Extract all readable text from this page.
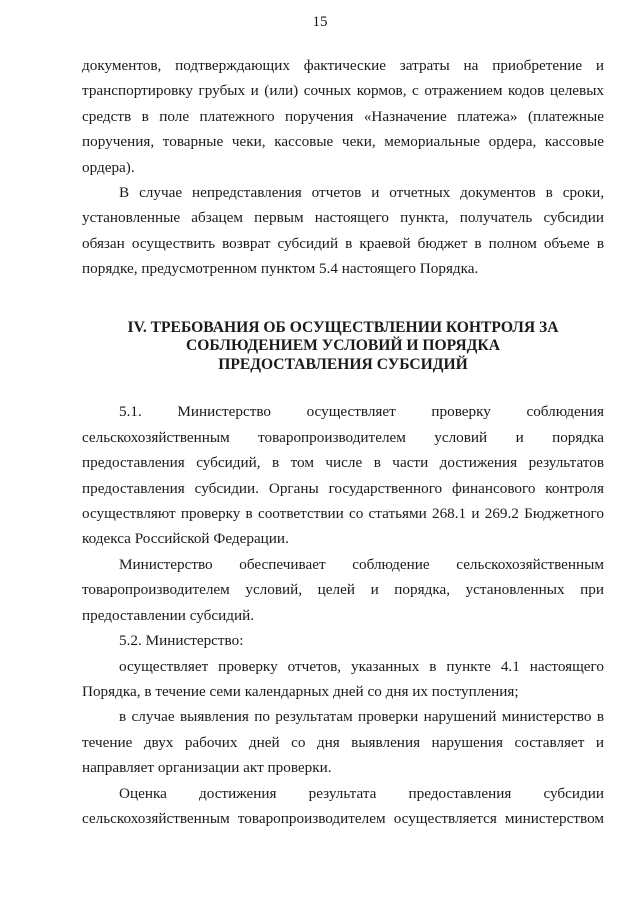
15

документов, подтверждающих фактические затраты на приобретение и транспортировку грубых и (или) сочных кормов, с отражением кодов целевых средств в поле платежного поручения «Назначение платежа» (платежные поручения, товарные чеки, кассовые чеки, мемориальные ордера, кассовые ордера).

В случае непредставления отчетов и отчетных документов в сроки, установленные абзацем первым настоящего пункта, получатель субсидии обязан осуществить возврат субсидий в краевой бюджет в полном объеме в порядке, предусмотренном пунктом 5.4 настоящего Порядка.

IV. ТРЕБОВАНИЯ ОБ ОСУЩЕСТВЛЕНИИ КОНТРОЛЯ ЗА
СОБЛЮДЕНИЕМ УСЛОВИЙ И ПОРЯДКА
ПРЕДОСТАВЛЕНИЯ СУБСИДИЙ

5.1. Министерство осуществляет проверку соблюдения сельскохозяйственным товаропроизводителем условий и порядка предоставления субсидий, в том числе в части достижения результатов предоставления субсидии. Органы государственного финансового контроля осуществляют проверку в соответствии со статьями 268.1 и 269.2 Бюджетного кодекса Российской Федерации.

Министерство обеспечивает соблюдение сельскохозяйственным товаропроизводителем условий, целей и порядка, установленных при предоставлении субсидий.

5.2. Министерство:

осуществляет проверку отчетов, указанных в пункте 4.1 настоящего Порядка, в течение семи календарных дней со дня их поступления;

в случае выявления по результатам проверки нарушений министерство в течение двух рабочих дней со дня выявления нарушения составляет и направляет организации акт проверки.

Оценка достижения результата предоставления субсидии сельскохозяйственным товаропроизводителем осуществляется министерством
